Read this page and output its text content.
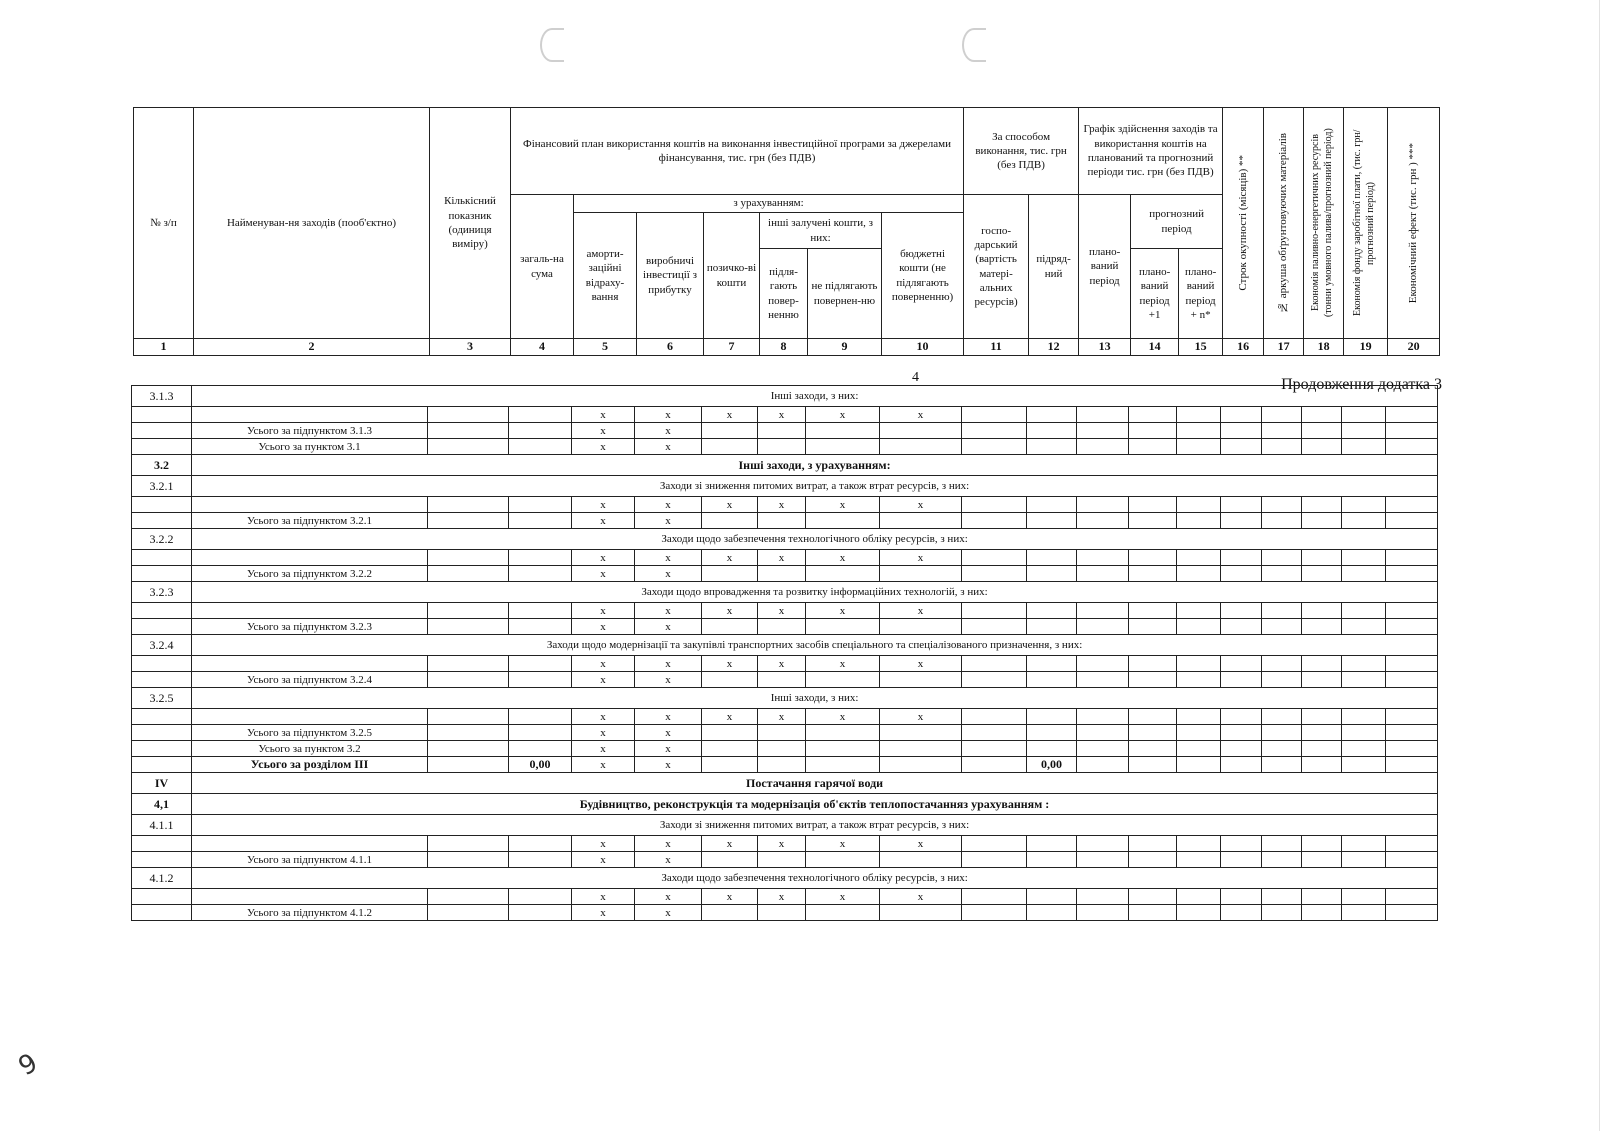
№ з/п	Найменуван-ня заходів (пооб'єктно)	Кількісний показник (одиниця виміру)	Фінансовий план використання коштів на виконання інвестиційної програми за джерелами фінансування, тис. грн (без ПДВ)							За способом виконання, тис. грн (без ПДВ)		Графік здійснення заходів та використання коштів на планований та прогнозний періоди тис. грн (без ПДВ)			Строк окупності (місяців) **	№ аркуша обґрунтовуючих матеріалів	Економія паливно-енергетичних ресурсів (тонни умовного палива/прогнозний період)	Економія фонду заробітної плати, (тис. грн/прогнозний період)	Економічний ефект (тис. грн ) ***

			загаль-на сума	з урахуванням:						госпо-дарський (вартість матері-альних ресурсів)	підряд-ний	плано-ваний період	прогнозний період						
				аморти-заційні відраху-вання	виробничі інвестиції з прибутку	позичко-ві кошти	інші залучені кошти, з них:		бюджетні кошти (не підлягають поверненню)										
							підля-гають повер-ненню	не підлягають повернен-ню					плано-ваний період +1	плано-ваний період + n*					

1	2	3	4	5	6	7	8	9	10	11	12	13	14	15	16	17	18	19	20
4	Продовження додатка 3
3.1.3	Інші заходи, з них:																		
				x	x	x	x	x	x										
	Усього за підпунктом 3.1.3			x	x														
	Усього за пунктом 3.1			x	x														
3.2	Інші заходи, з урахуванням:																		
3.2.1	Заходи зі зниження питомих витрат, а також втрат ресурсів, з них:																		
				x	x	x	x	x	x										
	Усього за підпунктом 3.2.1			x	x														
3.2.2	Заходи щодо забезпечення технологічного обліку ресурсів, з них:																		
				x	x	x	x	x	x										
	Усього за підпунктом 3.2.2			x	x														
3.2.3	Заходи щодо впровадження та розвитку інформаційних технологій, з них:																		
				x	x	x	x	x	x										
	Усього за підпунктом 3.2.3			x	x														
3.2.4	Заходи щодо модернізації та закупівлі транспортних засобів спеціального та спеціалізованого призначення, з них:																		
				x	x	x	x	x	x										
	Усього за підпунктом 3.2.4			x	x														
3.2.5	Інші заходи, з них:																		
				x	x	x	x	x	x										
	Усього за підпунктом 3.2.5			x	x														
	Усього за пунктом 3.2			x	x														
	Усього за розділом III		0,00	x	x						0,00								
IV	Постачання гарячої води																		
4,1	Будівництво, реконструкція та модернізація об'єктів теплопостачанняз урахуванням :																		
4.1.1	Заходи зі зниження питомих витрат, а також втрат ресурсів, з них:																		
				x	x	x	x	x	x										
	Усього за підпунктом 4.1.1			x	x														
4.1.2	Заходи щодо забезпечення технологічного обліку ресурсів, з них:																		
				x	x	x	x	x	x										
	Усього за підпунктом 4.1.2			x	x														
9
